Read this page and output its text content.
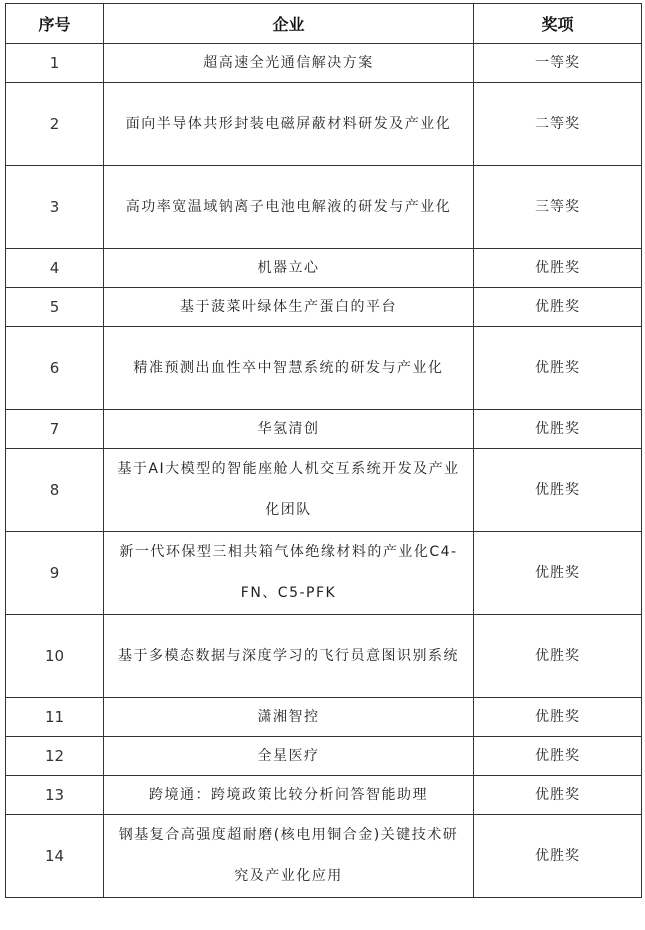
序号	企业	奖项
1	超高速全光通信解决方案	一等奖
2	面向半导体共形封装电磁屏蔽材料研发及产业化	二等奖
3	高功率宽温域钠离子电池电解液的研发与产业化	三等奖
4	机器立心	优胜奖
5	基于菠菜叶绿体生产蛋白的平台	优胜奖
6	精准预测出血性卒中智慧系统的研发与产业化	优胜奖
7	华氢清创	优胜奖
8	基于AI大模型的智能座舱人机交互系统开发及产业化团队	优胜奖
9	新一代环保型三相共箱气体绝缘材料的产业化C4-FN、C5-PFK	优胜奖
10	基于多模态数据与深度学习的飞行员意图识别系统	优胜奖
11	潇湘智控	优胜奖
12	全星医疗	优胜奖
13	跨境通：跨境政策比较分析问答智能助理	优胜奖
14	钢基复合高强度超耐磨(核电用铜合金)关键技术研究及产业化应用	优胜奖
